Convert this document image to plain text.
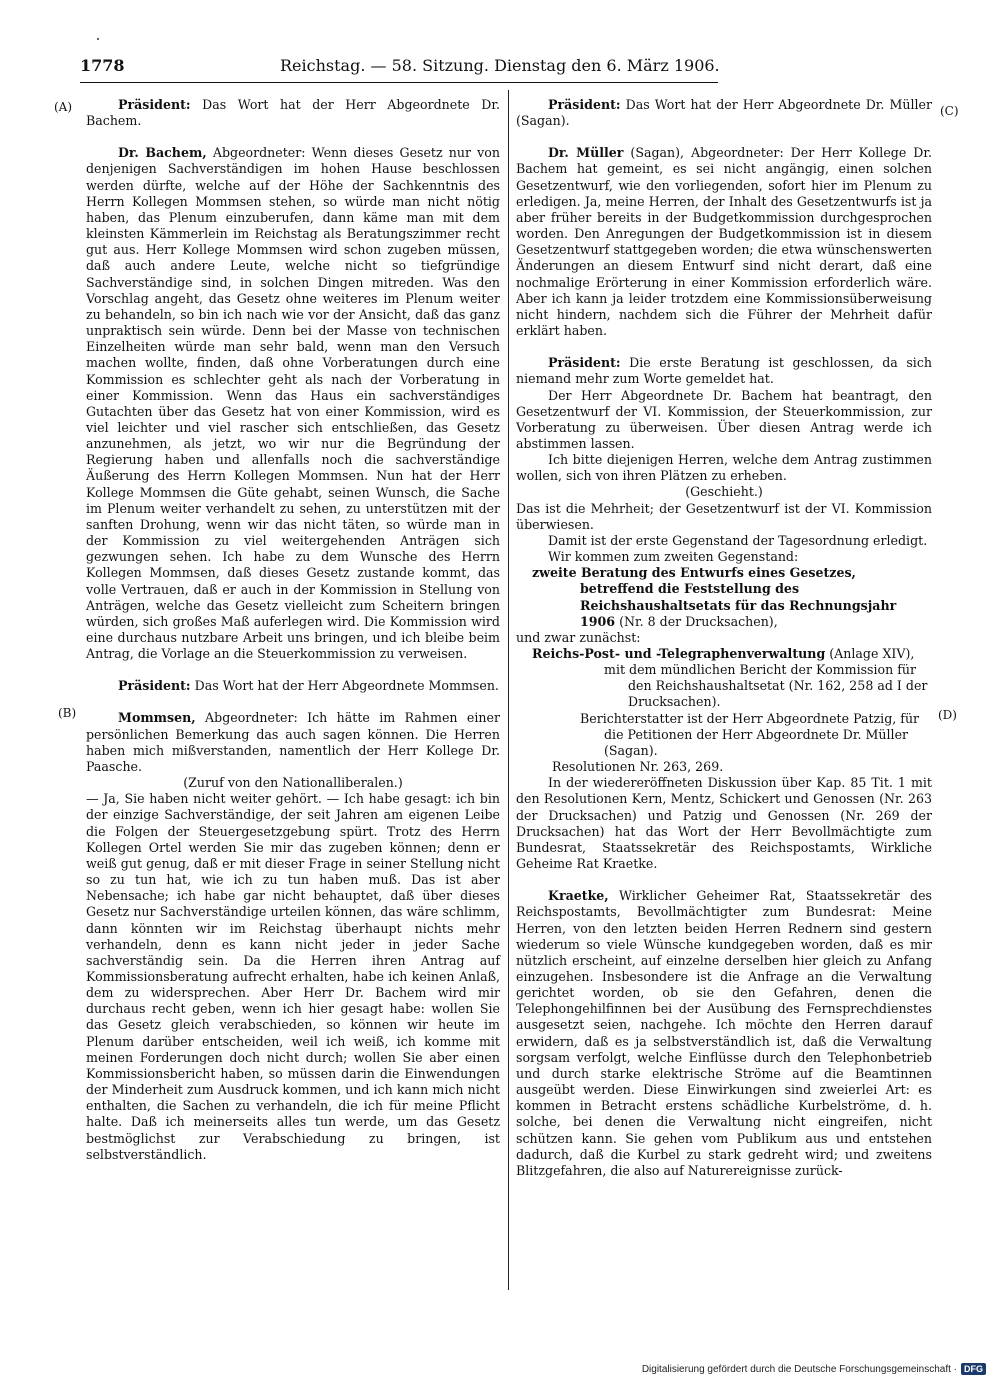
1778	Reichstag. — 58. Sitzung. Dienstag den 6. März 1906.
(A)
(B)
(C)
(D)

Präsident: Das Wort hat der Herr Abgeordnete Dr. Bachem.

Dr. Bachem, Abgeordneter: Wenn dieses Gesetz nur von denjenigen Sachverständigen im hohen Hause beschlossen werden dürfte, welche auf der Höhe der Sachkenntnis des Herrn Kollegen Mommsen stehen, so würde man nicht nötig haben, das Plenum einzuberufen, dann käme man mit dem kleinsten Kämmerlein im Reichstag als Beratungszimmer recht gut aus. Herr Kollege Mommsen wird schon zugeben müssen, daß auch andere Leute, welche nicht so tiefgründige Sachverständige sind, in solchen Dingen mitreden. Was den Vorschlag angeht, das Gesetz ohne weiteres im Plenum weiter zu behandeln, so bin ich nach wie vor der Ansicht, daß das ganz unpraktisch sein würde. Denn bei der Masse von technischen Einzelheiten würde man sehr bald, wenn man den Versuch machen wollte, finden, daß ohne Vorberatungen durch eine Kommission es schlechter geht als nach der Vorberatung in einer Kommission. Wenn das Haus ein sachverständiges Gutachten über das Gesetz hat von einer Kommission, wird es viel leichter und viel rascher sich entschließen, das Gesetz anzunehmen, als jetzt, wo wir nur die Begründung der Regierung haben und allenfalls noch die sachverständige Äußerung des Herrn Kollegen Mommsen. Nun hat der Herr Kollege Mommsen die Güte gehabt, seinen Wunsch, die Sache im Plenum weiter verhandelt zu sehen, zu unterstützen mit der sanften Drohung, wenn wir das nicht täten, so würde man in der Kommission zu viel weitergehenden Anträgen sich gezwungen sehen. Ich habe zu dem Wunsche des Herrn Kollegen Mommsen, daß dieses Gesetz zustande kommt, das volle Vertrauen, daß er auch in der Kommission in Stellung von Anträgen, welche das Gesetz vielleicht zum Scheitern bringen würden, sich großes Maß auferlegen wird. Die Kommission wird eine durchaus nutzbare Arbeit uns bringen, und ich bleibe beim Antrag, die Vorlage an die Steuerkommission zu verweisen.

Präsident: Das Wort hat der Herr Abgeordnete Mommsen.

Mommsen, Abgeordneter: Ich hätte im Rahmen einer persönlichen Bemerkung das auch sagen können. Die Herren haben mich mißverstanden, namentlich der Herr Kollege Dr. Paasche.

(Zuruf von den Nationalliberalen.)

— Ja, Sie haben nicht weiter gehört. — Ich habe gesagt: ich bin der einzige Sachverständige, der seit Jahren am eigenen Leibe die Folgen der Steuergesetzgebung spürt. Trotz des Herrn Kollegen Ortel werden Sie mir das zugeben können; denn er weiß gut genug, daß er mit dieser Frage in seiner Stellung nicht so zu tun hat, wie ich zu tun haben muß. Das ist aber Nebensache; ich habe gar nicht behauptet, daß über dieses Gesetz nur Sachverständige urteilen können, das wäre schlimm, dann könnten wir im Reichstag überhaupt nichts mehr verhandeln, denn es kann nicht jeder in jeder Sache sachverständig sein. Da die Herren ihren Antrag auf Kommissionsberatung aufrecht erhalten, habe ich keinen Anlaß, dem zu widersprechen. Aber Herr Dr. Bachem wird mir durchaus recht geben, wenn ich hier gesagt habe: wollen Sie das Gesetz gleich verabschieden, so können wir heute im Plenum darüber entscheiden, weil ich weiß, ich komme mit meinen Forderungen doch nicht durch; wollen Sie aber einen Kommissionsbericht haben, so müssen darin die Einwendungen der Minderheit zum Ausdruck kommen, und ich kann mich nicht enthalten, die Sachen zu verhandeln, die ich für meine Pflicht halte. Daß ich meinerseits alles tun werde, um das Gesetz bestmöglichst zur Verabschiedung zu bringen, ist selbstverständlich.

Präsident: Das Wort hat der Herr Abgeordnete Dr. Müller (Sagan).

Dr. Müller (Sagan), Abgeordneter: Der Herr Kollege Dr. Bachem hat gemeint, es sei nicht angängig, einen solchen Gesetzentwurf, wie den vorliegenden, sofort hier im Plenum zu erledigen. Ja, meine Herren, der Inhalt des Gesetzentwurfs ist ja aber früher bereits in der Budgetkommission durchgesprochen worden. Den Anregungen der Budgetkommission ist in diesem Gesetzentwurf stattgegeben worden; die etwa wünschenswerten Änderungen an diesem Entwurf sind nicht derart, daß eine nochmalige Erörterung in einer Kommission erforderlich wäre. Aber ich kann ja leider trotzdem eine Kommissionsüberweisung nicht hindern, nachdem sich die Führer der Mehrheit dafür erklärt haben.

Präsident: Die erste Beratung ist geschlossen, da sich niemand mehr zum Worte gemeldet hat.

Der Herr Abgeordnete Dr. Bachem hat beantragt, den Gesetzentwurf der VI. Kommission, der Steuerkommission, zur Vorberatung zu überweisen. Über diesen Antrag werde ich abstimmen lassen.

Ich bitte diejenigen Herren, welche dem Antrag zustimmen wollen, sich von ihren Plätzen zu erheben.

(Geschieht.)

Das ist die Mehrheit; der Gesetzentwurf ist der VI. Kommission überwiesen.

Damit ist der erste Gegenstand der Tagesordnung erledigt.

Wir kommen zum zweiten Gegenstand:

zweite Beratung des Entwurfs eines Gesetzes, betreffend die Feststellung des Reichshaushaltsetats für das Rechnungsjahr 1906 (Nr. 8 der Drucksachen),

und zwar zunächst:

Reichs-Post- und -Telegraphenverwaltung (Anlage XIV),

mit dem mündlichen Bericht der Kommission für den Reichshaushaltsetat (Nr. 162, 258 ad I der Drucksachen).

Berichterstatter ist der Herr Abgeordnete Patzig, für die Petitionen der Herr Abgeordnete Dr. Müller (Sagan).

Resolutionen Nr. 263, 269.

In der wiedereröffneten Diskussion über Kap. 85 Tit. 1 mit den Resolutionen Kern, Mentz, Schickert und Genossen (Nr. 263 der Drucksachen) und Patzig und Genossen (Nr. 269 der Drucksachen) hat das Wort der Herr Bevollmächtigte zum Bundesrat, Staatssekretär des Reichspostamts, Wirkliche Geheime Rat Kraetke.

Kraetke, Wirklicher Geheimer Rat, Staatssekretär des Reichspostamts, Bevollmächtigter zum Bundesrat: Meine Herren, von den letzten beiden Herren Rednern sind gestern wiederum so viele Wünsche kundgegeben worden, daß es mir nützlich erscheint, auf einzelne derselben hier gleich zu Anfang einzugehen. Insbesondere ist die Anfrage an die Verwaltung gerichtet worden, ob sie den Gefahren, denen die Telephongehilfinnen bei der Ausübung des Fernsprechdienstes ausgesetzt seien, nachgehe. Ich möchte den Herren darauf erwidern, daß es ja selbstverständlich ist, daß die Verwaltung sorgsam verfolgt, welche Einflüsse durch den Telephonbetrieb und durch starke elektrische Ströme auf die Beamtinnen ausgeübt werden. Diese Einwirkungen sind zweierlei Art: es kommen in Betracht erstens schädliche Kurbelströme, d. h. solche, bei denen die Verwaltung nicht eingreifen, nicht schützen kann. Sie gehen vom Publikum aus und entstehen dadurch, daß die Kurbel zu stark gedreht wird; und zweitens Blitzgefahren, die also auf Naturereignisse zurück-

Digitalisierung gefördert durch die Deutsche Forschungsgemeinschaft · DFG
